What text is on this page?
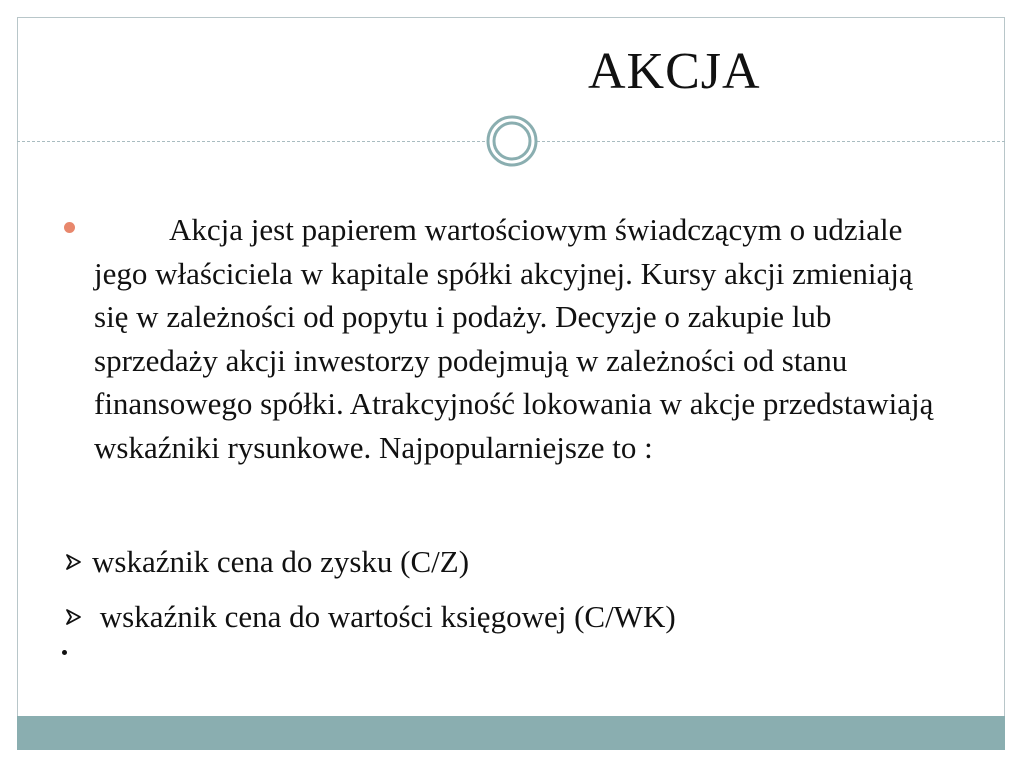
AKCJA
Akcja jest papierem wartościowym świadczącym o udziale jego właściciela w kapitale spółki akcyjnej. Kursy akcji zmieniają się w zależności od popytu i podaży. Decyzje o zakupie lub sprzedaży akcji inwestorzy podejmują w zależności od stanu finansowego spółki. Atrakcyjność lokowania w akcje przedstawiają wskaźniki rysunkowe. Najpopularniejsze to :
wskaźnik cena do zysku (C/Z)
wskaźnik cena do wartości księgowej (C/WK)
